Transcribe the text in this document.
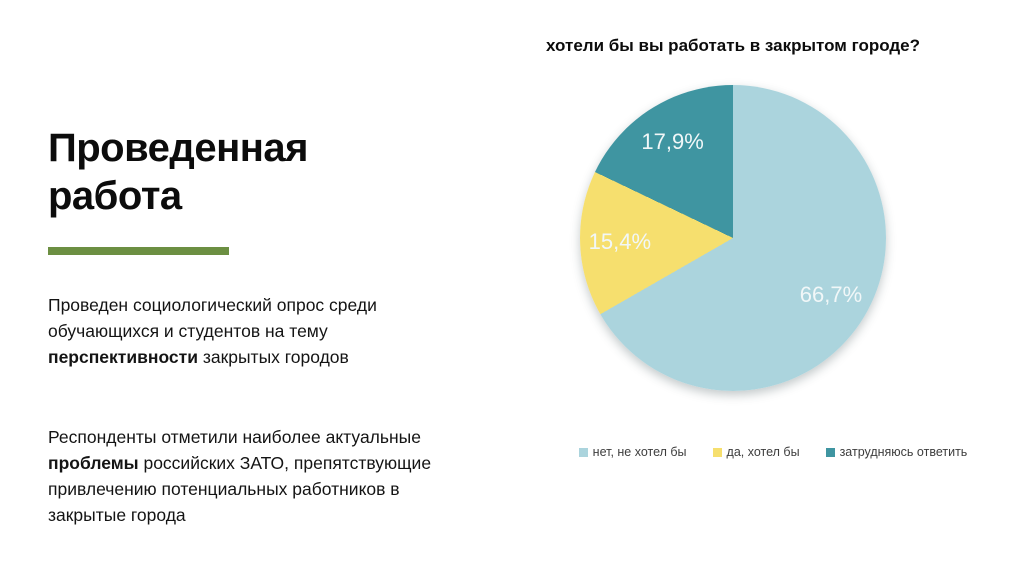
Проведенная работа

Проведен социологический опрос среди обучающихся и студентов на тему перспективности закрытых городов

Респонденты отметили наиболее актуальные проблемы российских ЗАТО, препятствующие привлечению потенциальных работников в закрытые города

хотели бы вы работать в закрытом городе?
66,7%
15,4%
17,9%
нет, не хотел бы	да, хотел бы	затрудняюсь ответить
